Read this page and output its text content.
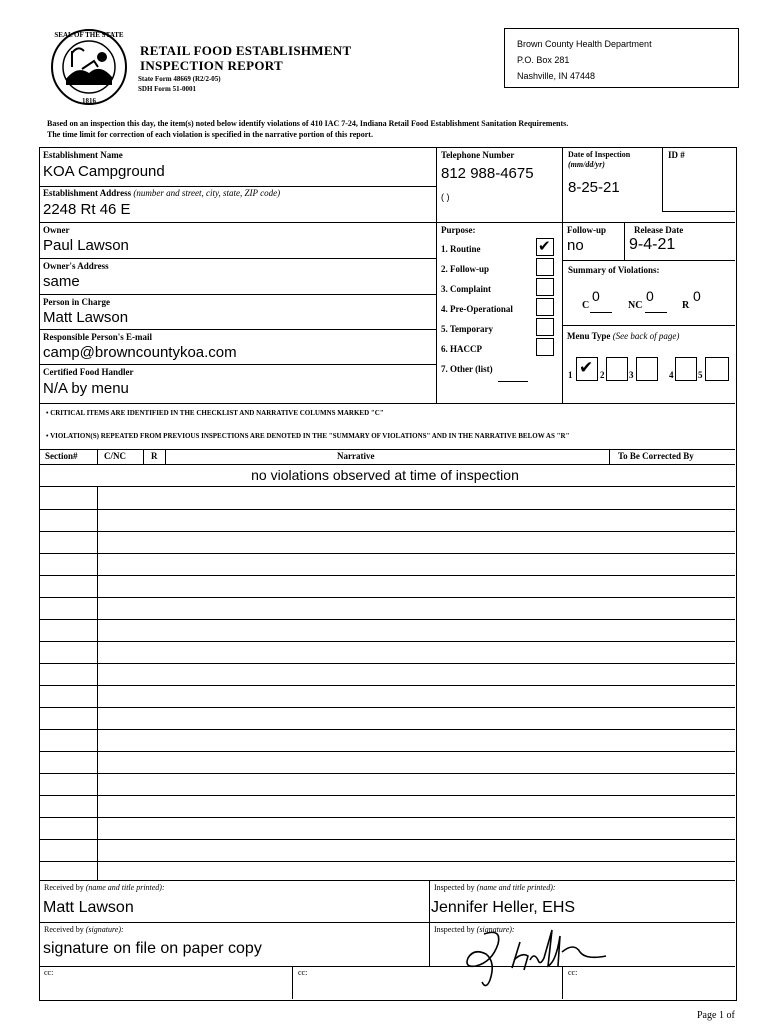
SEAL OF THE STATE
1816
RETAIL FOOD ESTABLISHMENT
INSPECTION REPORT
State Form 48669 (R2/2-05)
SDH Form 51-0001
Brown County Health Department
P.O. Box 281
Nashville, IN 47448
Based on an inspection this day, the item(s) noted below identify violations of 410 IAC 7-24, Indiana Retail Food Establishment Sanitation Requirements.
The time limit for correction of each violation is specified in the narrative portion of this report.
Establishment Name
KOA Campground
Establishment Address (number and street, city, state, ZIP code)
2248 Rt 46 E
Owner
Paul Lawson
Owner's Address
same
Person in Charge
Matt Lawson
Responsible Person's E-mail
camp@browncountykoa.com
Certified Food Handler
N/A by menu
Telephone Number
812 988-4675
( )
Date of Inspection
(mm/dd/yr)
8-25-21
ID #
Purpose:
1. Routine
2. Follow-up
3. Complaint
4. Pre-Operational
5. Temporary
6. HACCP
7. Other (list)
✔
Follow-up
no
Release Date
9-4-21
Summary of Violations:
C
0
NC
0
R
0
Menu Type (See back of page)
1 ✔ 2	3	4	5
• CRITICAL ITEMS ARE IDENTIFIED IN THE CHECKLIST AND NARRATIVE COLUMNS MARKED "C"
• VIOLATION(S) REPEATED FROM PREVIOUS INSPECTIONS ARE DENOTED IN THE "SUMMARY OF VIOLATIONS" AND IN THE NARRATIVE BELOW AS "R"
Section#	C/NC	R	Narrative	To Be Corrected By
no violations observed at time of inspection
Received by (name and title printed):
Matt Lawson
Inspected by (name and title printed):
Jennifer Heller, EHS
Received by (signature):
signature on file on paper copy
Inspected by (signature):
cc:	cc:	cc:
Page 1 of
